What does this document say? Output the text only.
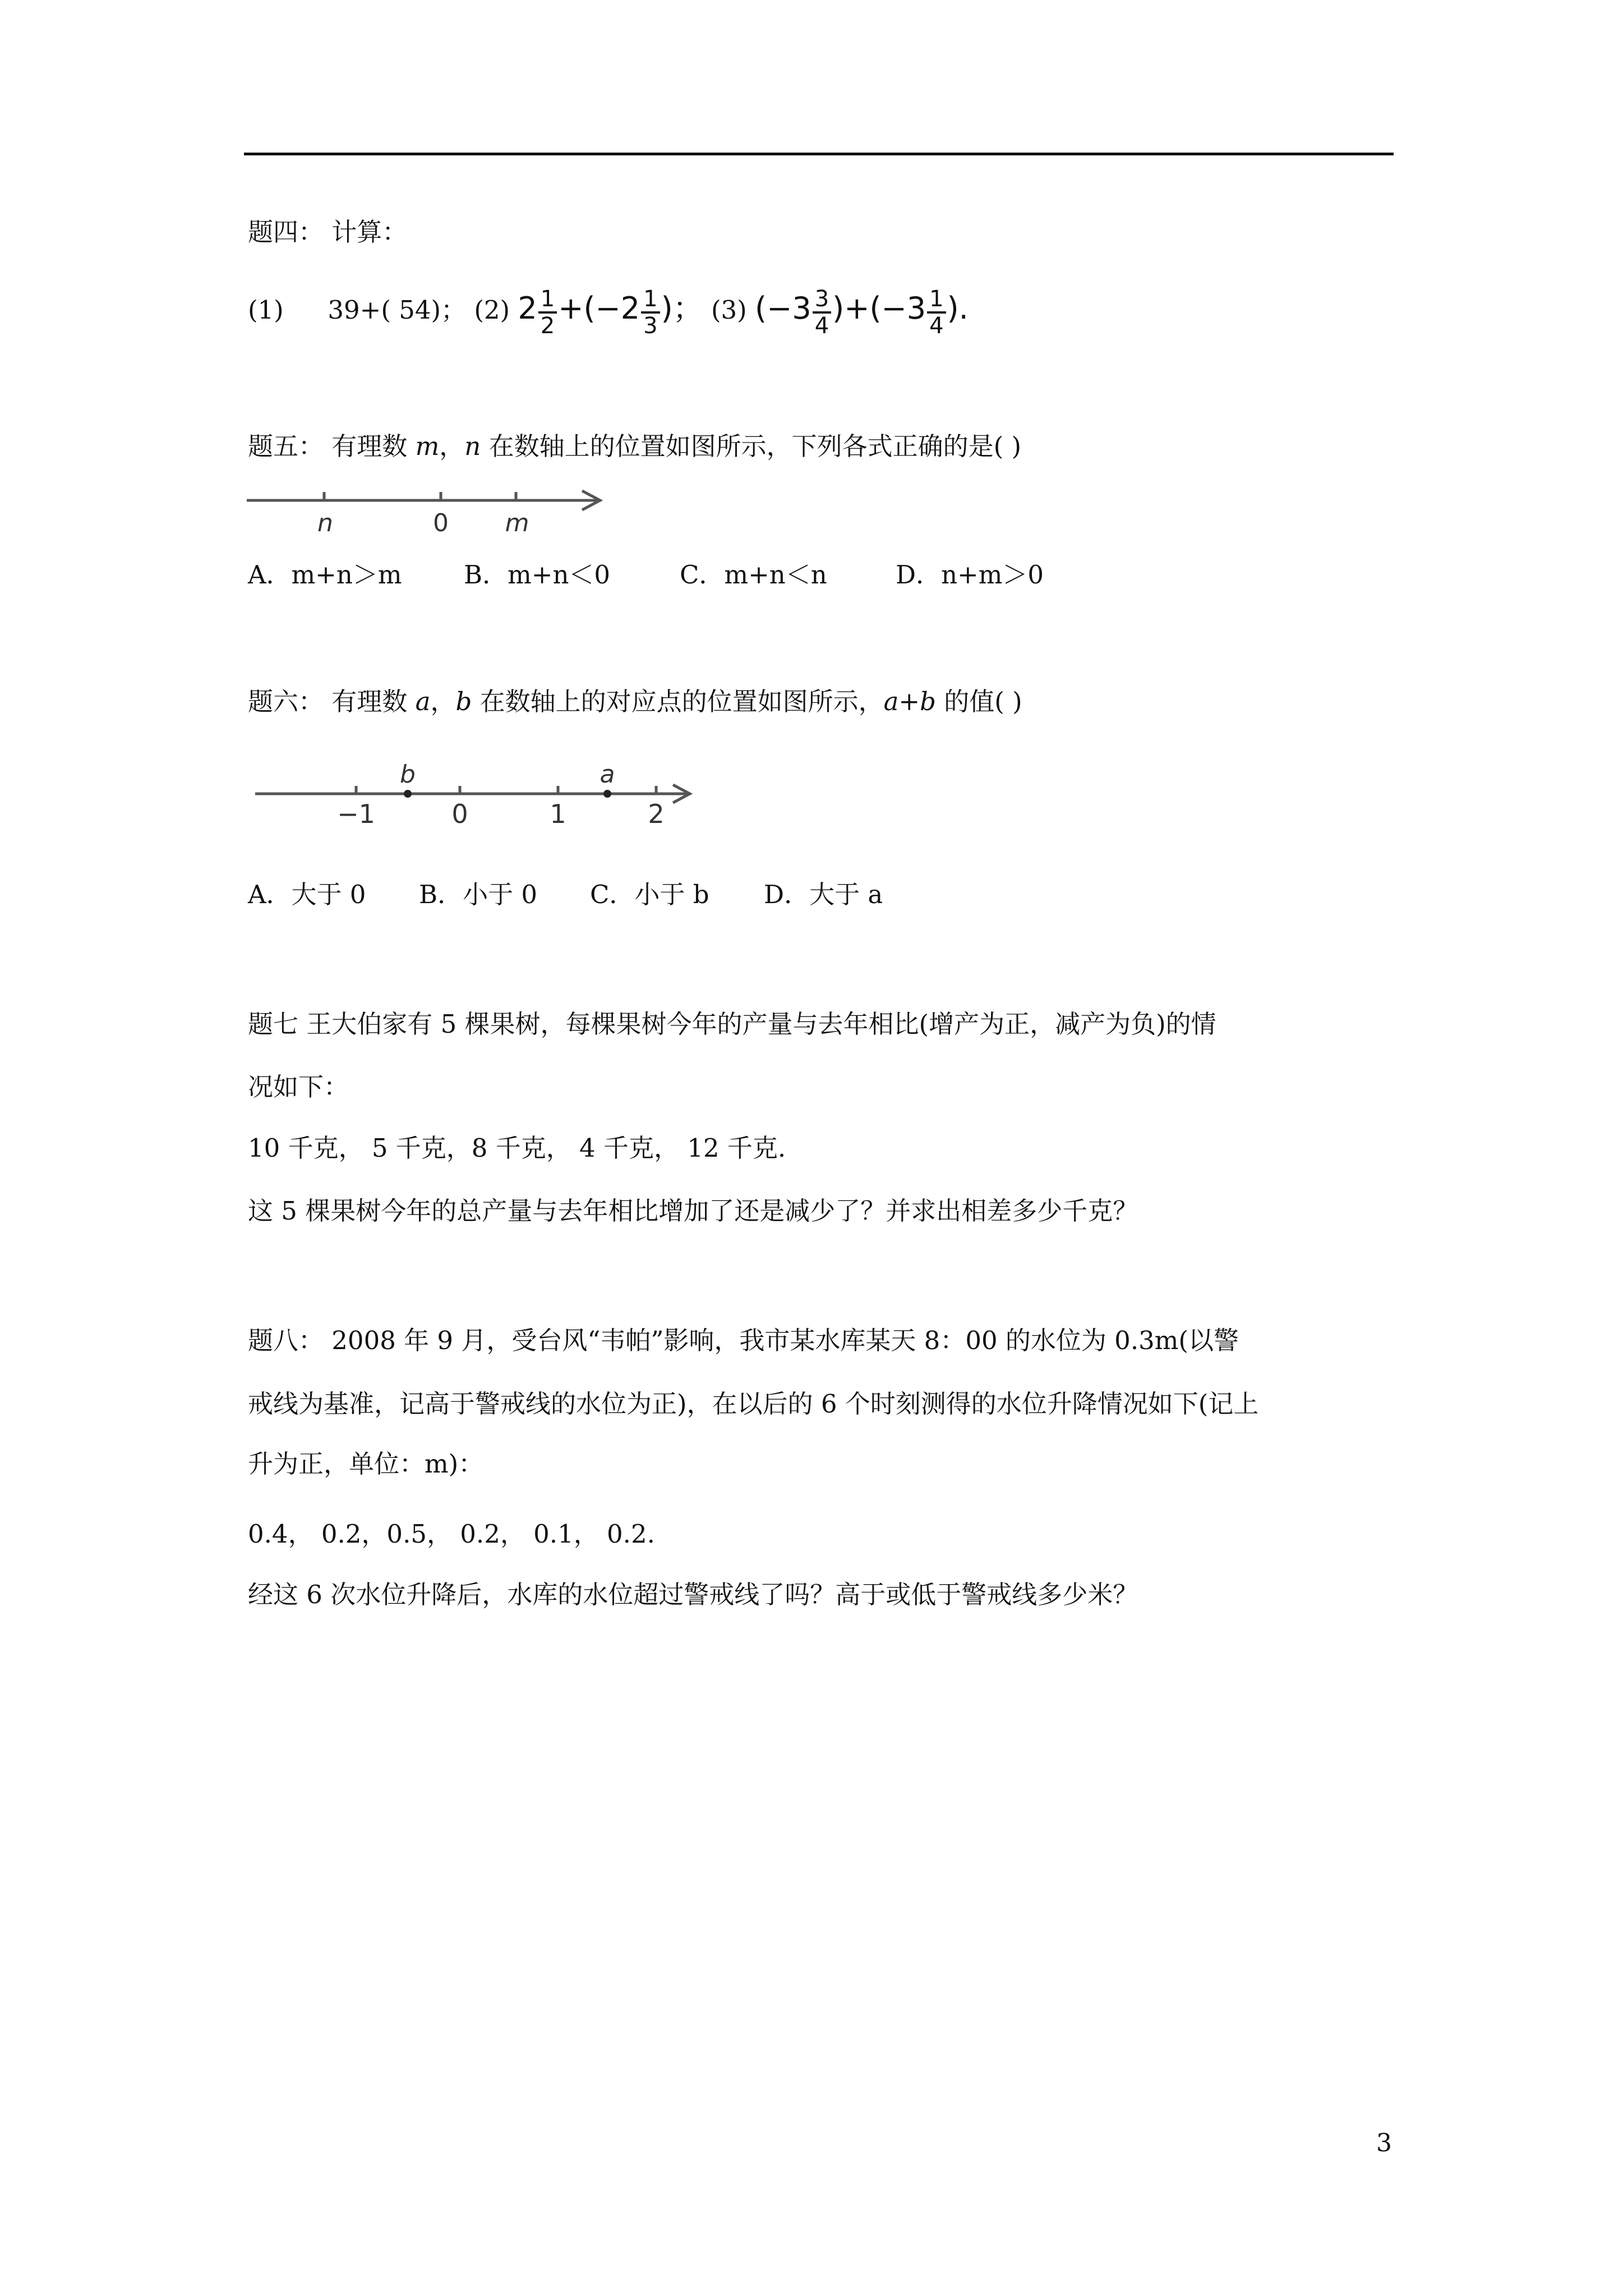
题四： 计算：
(1) 39+( 54)； (2) $2 \frac{1}{2} +(-2 \frac{1}{3}$ )； (3) $(-3 \frac{3}{4} )+(-3 \frac{1}{4}$ ).
题五： 有理数 m，n 在数轴上的位置如图所示，下列各式正确的是( )
n	0 m
A．m+n＞m B．m+n＜0	C．m+n＜n	D．n+m＞0
题六： 有理数 a，b 在数轴上的对应点的位置如图所示，a+b 的值( )
b	a
−1	0	1	2
A．大于 0 B．小于 0 C．小于 b D．大于 a
题七 王大伯家有 5 棵果树，每棵果树今年的产量与去年相比(增产为正，减产为负)的情
况如下：
10 千克， 5 千克，8 千克， 4 千克， 12 千克.
这 5 棵果树今年的总产量与去年相比增加了还是减少了？并求出相差多少千克？
题八： 2008 年 9 月，受台风“韦帕”影响，我市某水库某天 8：00 的水位为 0.3m(以警
戒线为基准，记高于警戒线的水位为正)，在以后的 6 个时刻测得的水位升降情况如下(记上
升为正，单位：m)：
0.4， 0.2，0.5， 0.2， 0.1， 0.2.
经这 6 次水位升降后，水库的水位超过警戒线了吗？高于或低于警戒线多少米？
3
